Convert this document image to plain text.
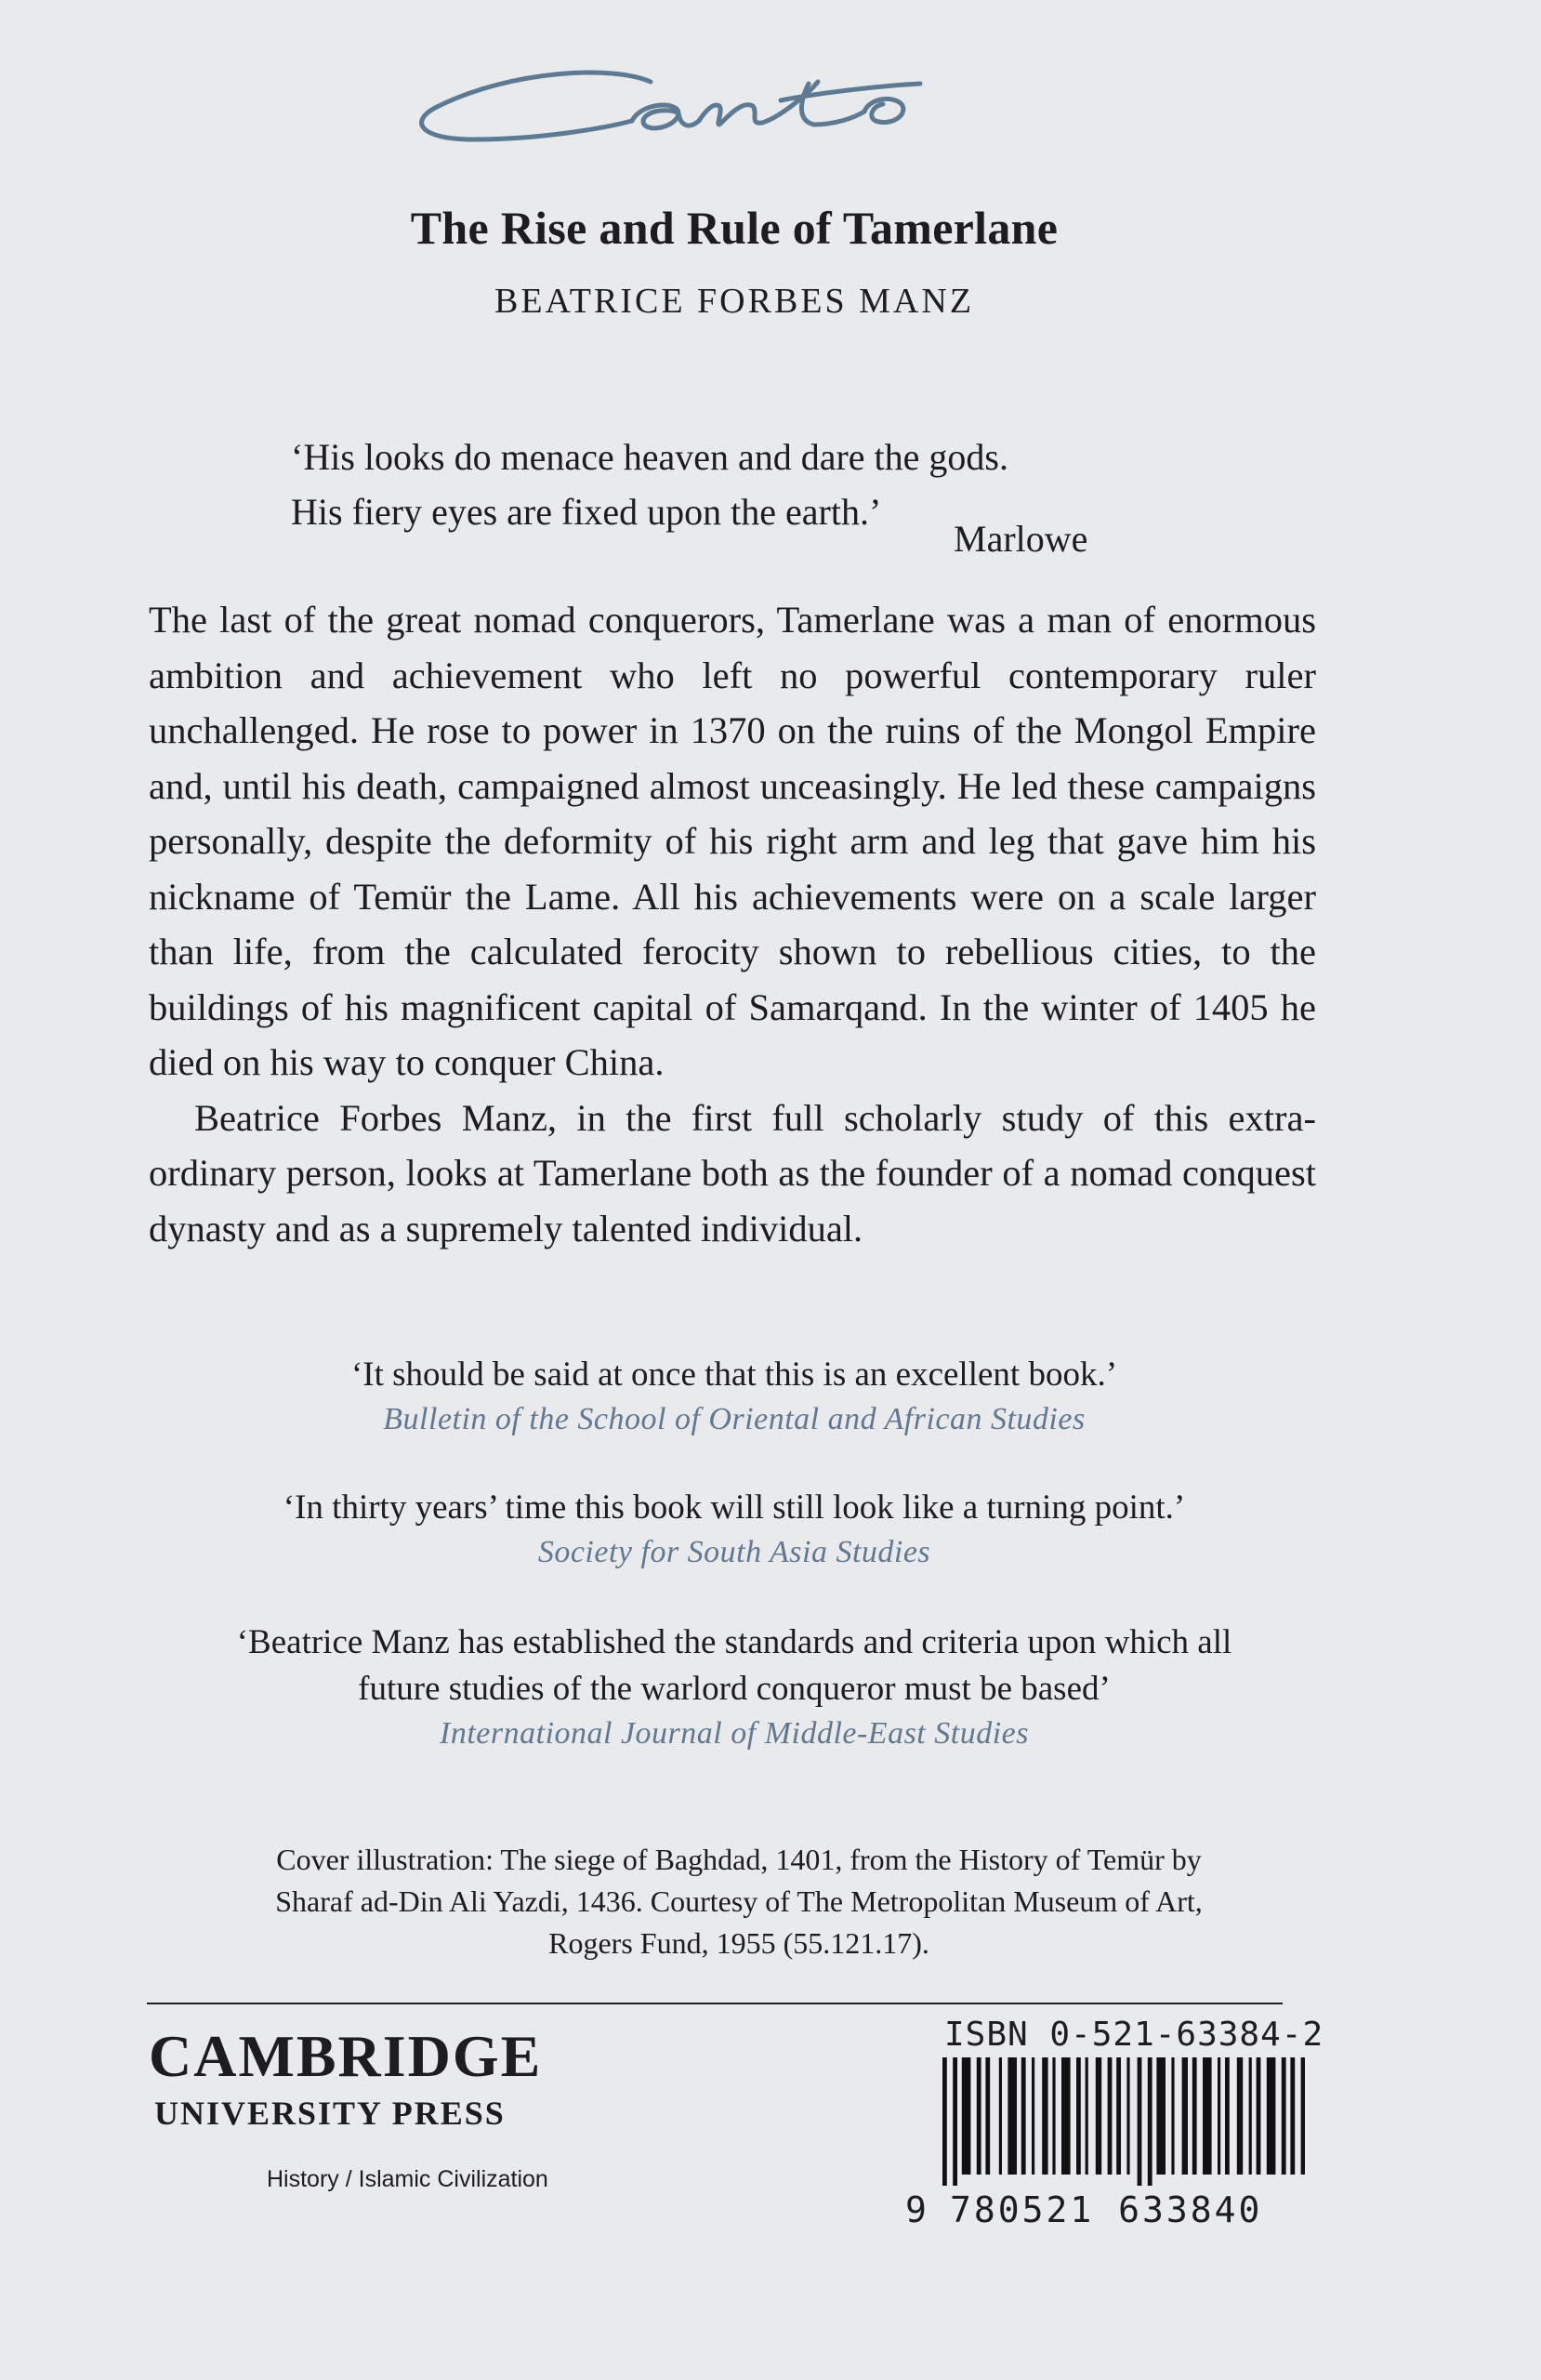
The Rise and Rule of Tamerlane
BEATRICE FORBES MANZ
‘His looks do menace heaven and dare the gods.
His fiery eyes are fixed upon the earth.’
Marlowe

The last of the great nomad conquerors, Tamerlane was a man of enormous ambition and achievement who left no powerful contemporary ruler unchallenged. He rose to power in 1370 on the ruins of the Mongol Empire and, until his death, campaigned almost unceasingly. He led these campaigns personally, despite the deformity of his right arm and leg that gave him his nickname of Temür the Lame. All his achievements were on a scale larger than life, from the calculated ferocity shown to rebellious cities, to the buildings of his magnificent capital of Samarqand. In the winter of 1405 he died on his way to conquer China.

Beatrice Forbes Manz, in the first full scholarly study of this extraordinary person, looks at Tamerlane both as the founder of a nomad conquest dynasty and as a supremely talented individual.

‘It should be said at once that this is an excellent book.’
Bulletin of the School of Oriental and African Studies
‘In thirty years’ time this book will still look like a turning point.’
Society for South Asia Studies
‘Beatrice Manz has established the standards and criteria upon which all
future studies of the warlord conqueror must be based’
International Journal of Middle-East Studies
Cover illustration: The siege of Baghdad, 1401, from the History of Temür by
Sharaf ad-Din Ali Yazdi, 1436. Courtesy of The Metropolitan Museum of Art,
Rogers Fund, 1955 (55.121.17).
CAMBRIDGE
UNIVERSITY PRESS
History / Islamic Civilization
ISBN 0-521-63384-2
9 780521 633840
